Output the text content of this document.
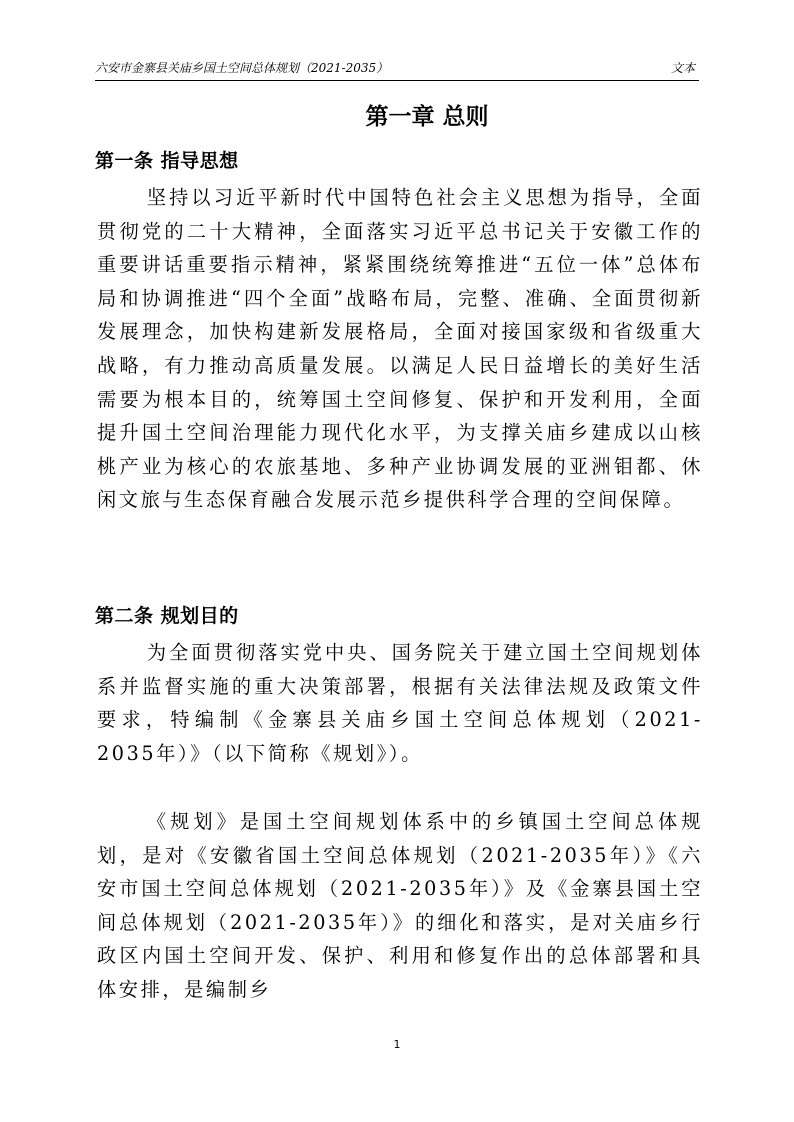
六安市金寨县关庙乡国土空间总体规划（2021-2035）	文本
第一章 总则
第一条 指导思想

坚持以习近平新时代中国特色社会主义思想为指导，全面贯彻党的二十大精神，全面落实习近平总书记关于安徽工作的重要讲话重要指示精神，紧紧围绕统筹推进“五位一体”总体布局和协调推进“四个全面”战略布局，完整、准确、全面贯彻新发展理念，加快构建新发展格局，全面对接国家级和省级重大战略，有力推动高质量发展。以满足人民日益增长的美好生活需要为根本目的，统筹国土空间修复、保护和开发利用，全面提升国土空间治理能力现代化水平，为支撑关庙乡建成以山核桃产业为核心的农旅基地、多种产业协调发展的亚洲钼都、休闲文旅与生态保育融合发展示范乡提供科学合理的空间保障。

第二条 规划目的

为全面贯彻落实党中央、国务院关于建立国土空间规划体系并监督实施的重大决策部署，根据有关法律法规及政策文件要求，特编制《金寨县关庙乡国土空间总体规划（2021-2035年）》（以下简称《规划》）。

《规划》是国土空间规划体系中的乡镇国土空间总体规划，是对《安徽省国土空间总体规划（2021-2035年）》《六安市国土空间总体规划（2021-2035年）》及《金寨县国土空间总体规划（2021-2035年）》的细化和落实，是对关庙乡行政区内国土空间开发、保护、利用和修复作出的总体部署和具体安排，是编制乡

1
